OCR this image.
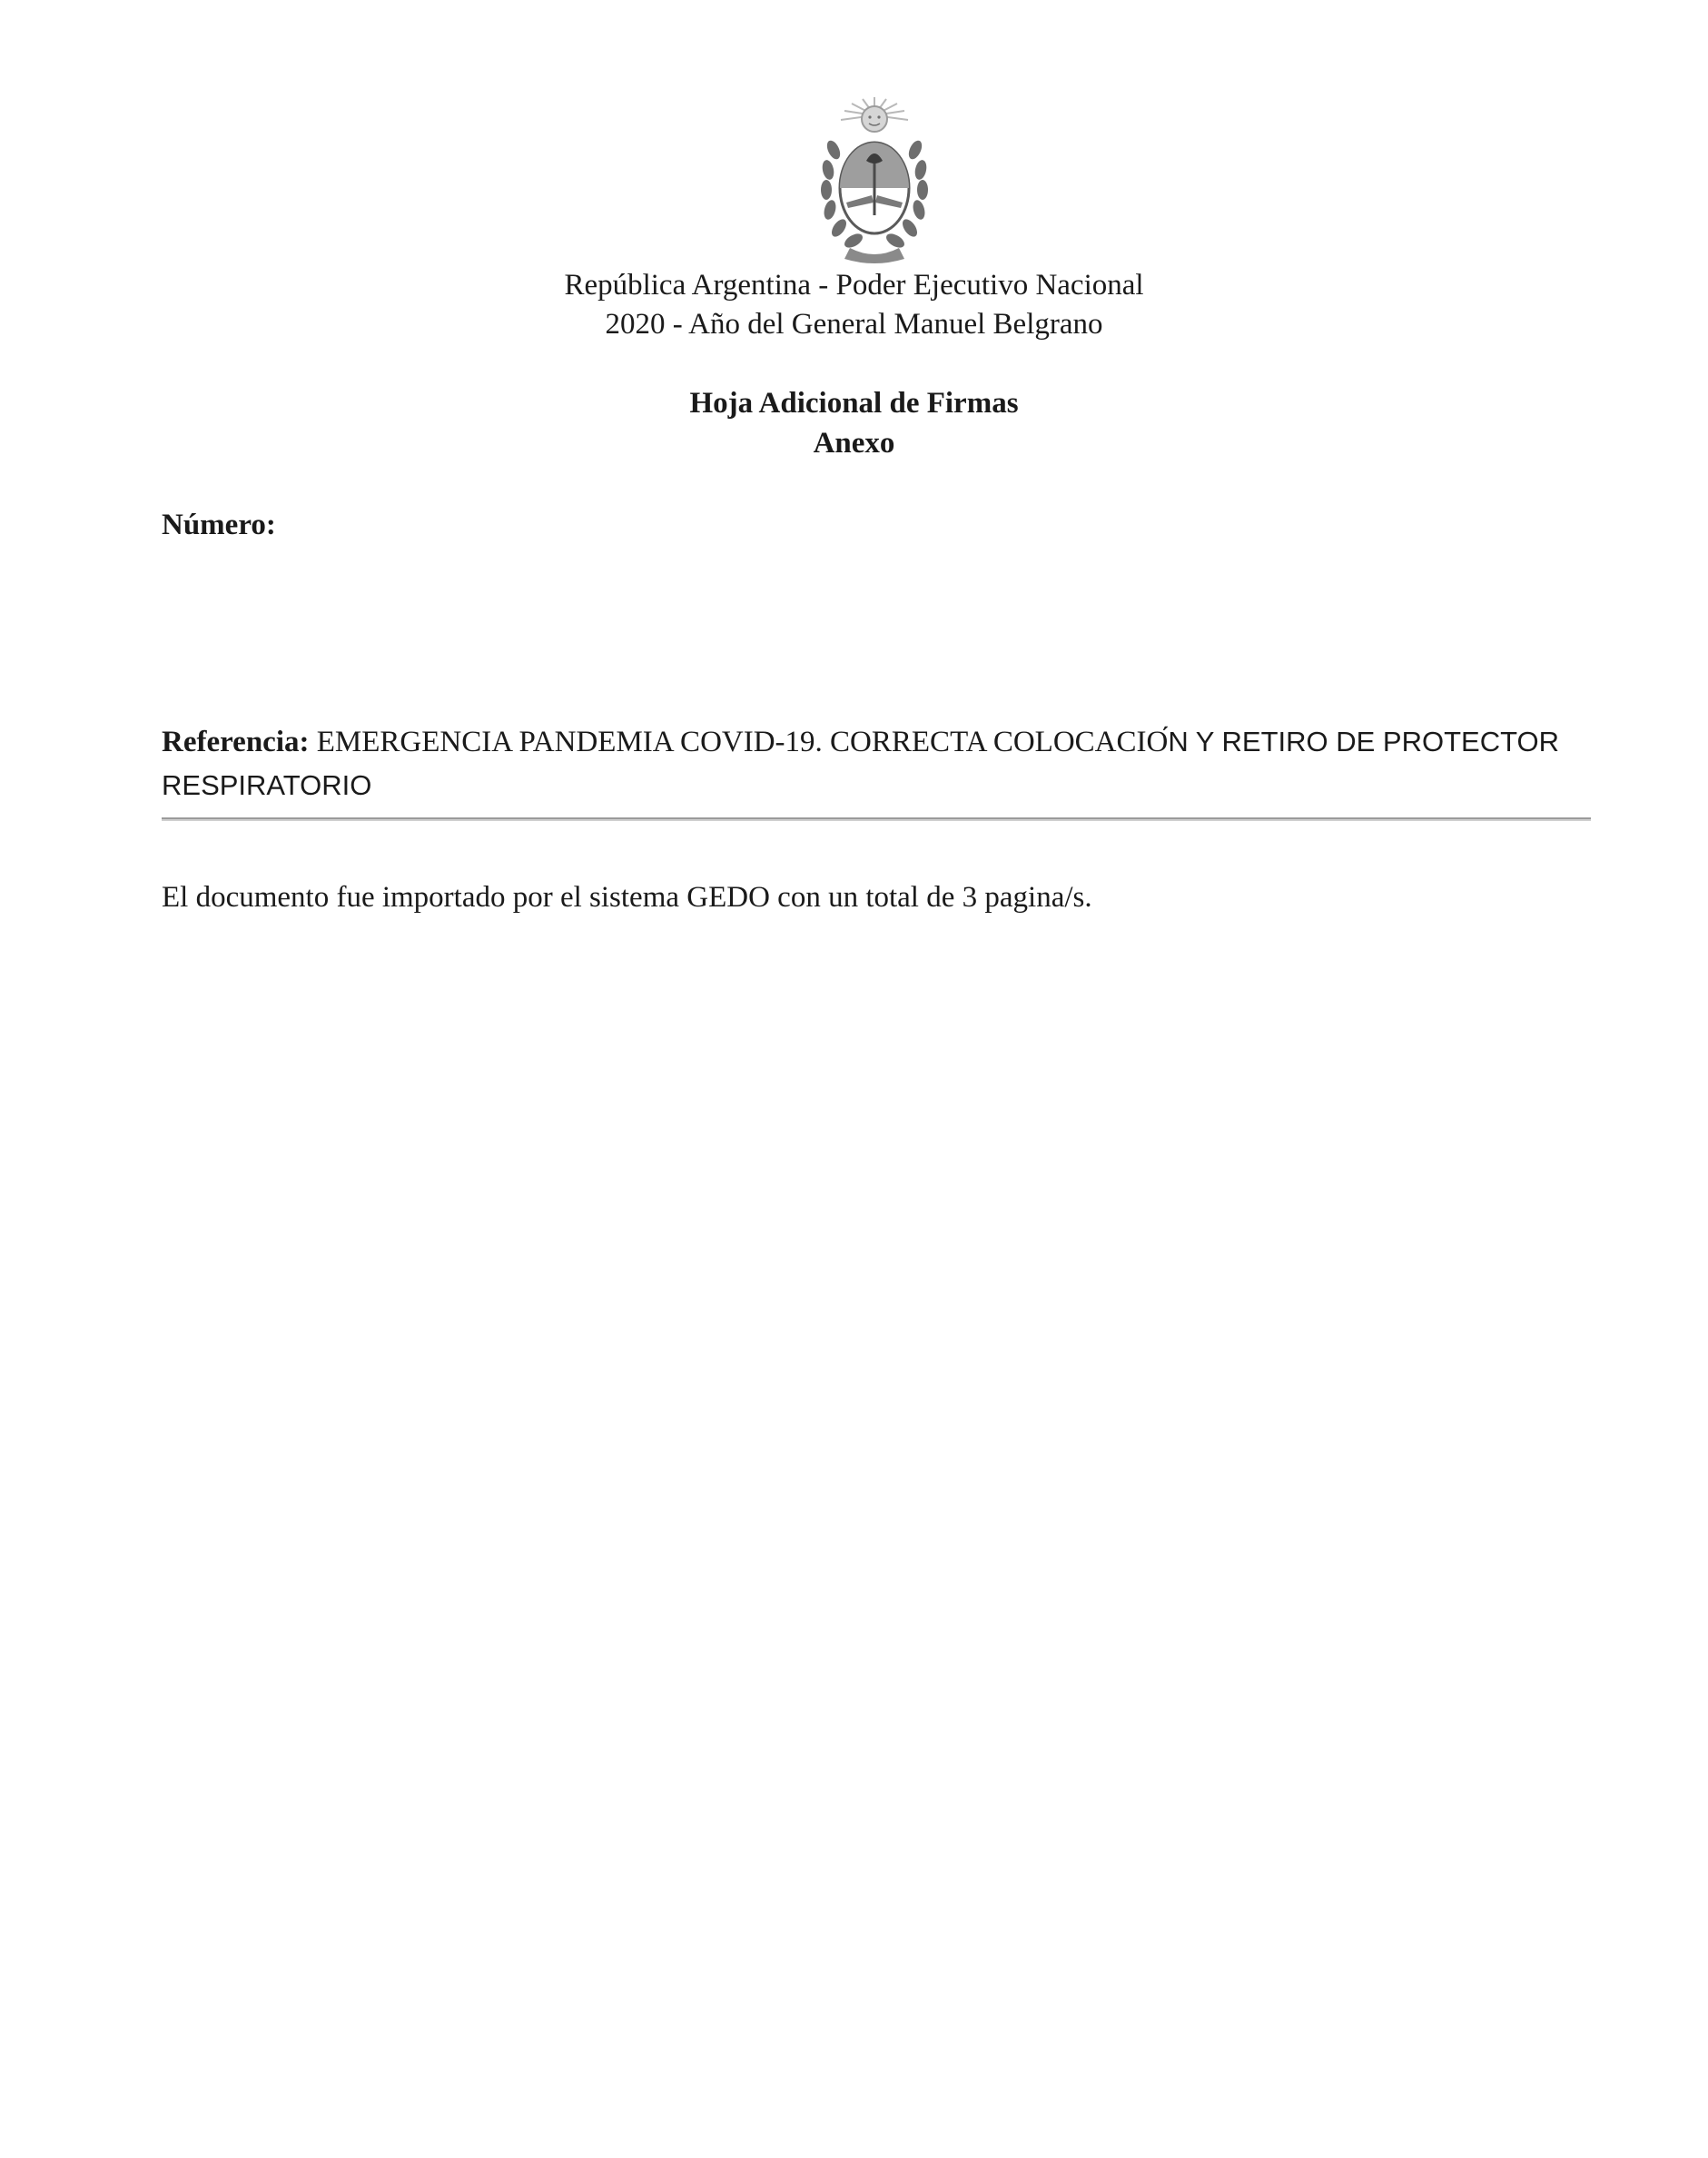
República Argentina - Poder Ejecutivo Nacional
2020 - Año del General Manuel Belgrano
Hoja Adicional de Firmas
Anexo
Número:
Referencia: EMERGENCIA PANDEMIA COVID-19. CORRECTA COLOCACIÓN Y RETIRO DE PROTECTOR RESPIRATORIO
El documento fue importado por el sistema GEDO con un total de 3 pagina/s.
